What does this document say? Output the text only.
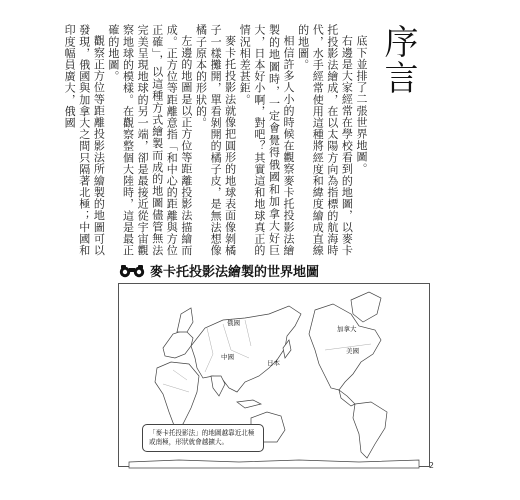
序言

底下並排了二張世界地圖。

右邊是大家經常在學校看到的地圖，以麥卡托投影法繪成，在以太陽方向為指標的航海時代，水手經常使用這種將經度和緯度繪成直線的地圖。

相信許多人小的時候在觀察麥卡托投影法繪製的地圖時，一定會覺得俄國和加拿大好巨大，日本好小啊，對吧？其實這和地球真正的情況相差甚鉅。

麥卡托投影法就像把圓形的地球表面像剝橘子一樣攤開，單看剝開的橘子皮，是無法想像橘子原本的形狀的。

左邊的地圖是以正方位等距離投影法描繪而成。正方位等距離意指「和中心的距離與方位正確」，以這種方式繪製而成的地圖儘管無法完美呈現地球的另一端，卻是最接近從宇宙觀察地球的模樣。在觀察整個大陸時，這是最正確的地圖。

觀察正方位等距離投影法所繪製的地圖可以發現，俄國與加拿大之間只隔著北極；中國和印度幅員廣大，俄國

麥卡托投影法繪製的世界地圖
俄國
加拿大
美國
中國
日本
「麥卡托投影法」的地圖越靠近北極或南極，形狀就會越擴大。
2
